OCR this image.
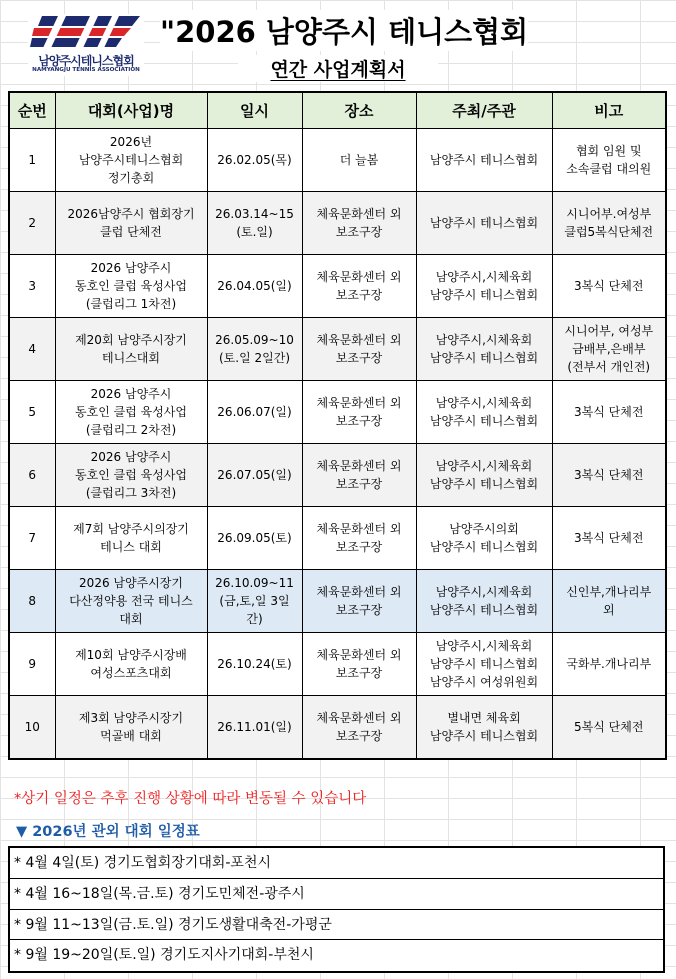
남양주시테니스협회
NAMYANGJU TENNIS ASSOCIATION
"2026 남양주시 테니스협회
연간 사업계획서
순번	대회(사업)명	일시	장소	주최/주관	비고
1	2026년
남양주시테니스협회
정기총회	26.02.05(목)	더 늘봄	남양주시 테니스협회	협회 임원 및
소속클럽 대의원
2	2026남양주시 협회장기
클럽 단체전	26.03.14~15
(토.일)	체육문화센터 외
보조구장	남양주시 테니스협회	시니어부.여성부
클럽5복식단체전
3	2026 남양주시
동호인 클럽 육성사업
(클럽리그 1차전)	26.04.05(일)	체육문화센터 외
보조구장	남양주시,시체육회
남양주시 테니스협회	3복식 단체전
4	제20회 남양주시장기
테니스대회	26.05.09~10
(토.일 2일간)	체육문화센터 외
보조구장	남양주시,시체육회
남양주시 테니스협회	시니어부, 여성부
금배부,은배부
(전부서 개인전)
5	2026 남양주시
동호인 클럽 육성사업
(클럽리그 2차전)	26.06.07(일)	체육문화센터 외
보조구장	남양주시,시체육회
남양주시 테니스협회	3복식 단체전
6	2026 남양주시
동호인 클럽 육성사업
(클럽리그 3차전)	26.07.05(일)	체육문화센터 외
보조구장	남양주시,시체육회
남양주시 테니스협회	3복식 단체전
7	제7회 남양주시의장기
테니스 대회	26.09.05(토)	체육문화센터 외
보조구장	남양주시의회
남양주시 테니스협회	3복식 단체전
8	2026 남양주시장기
다산정약용 전국 테니스
대회	26.10.09~11
(금,토,일 3일
간)	체육문화센터 외
보조구장	남양주시,시제육회
남양주시 테니스협회	신인부,개나리부
외
9	제10회 남양주시장배
여성스포츠대회	26.10.24(토)	체육문화센터 외
보조구장	남양주시,시체육회
남양주시 테니스협회
남양주시 여성위원회	국화부.개나리부
10	제3회 남양주시장기
먹골배 대회	26.11.01(일)	체육문화센터 외
보조구장	별내면 체육회
남양주시 테니스협회	5복식 단체전
*상기 일정은 추후 진행 상황에 따라 변동될 수 있습니다
▼ 2026년 관외 대회 일정표
* 4월 4일(토) 경기도협회장기대회-포천시
* 4월 16~18일(목.금.토) 경기도민체전-광주시
* 9월 11~13일(금.토.일) 경기도생활대축전-가평군
* 9월 19~20일(토.일) 경기도지사기대회-부천시
